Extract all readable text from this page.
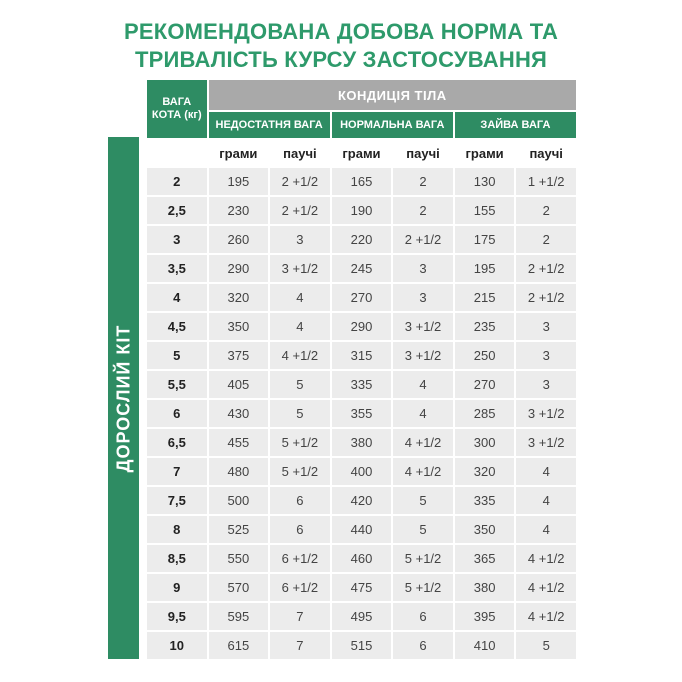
РЕКОМЕНДОВАНА ДОБОВА НОРМА ТА
ТРИВАЛІСТЬ КУРСУ ЗАСТОСУВАННЯ
ДОРОСЛИЙ КІТ
ВАГА КОТА (кг)	КОНДИЦІЯ ТІЛА					
	НЕДОСТАТНЯ ВАГА		НОРМАЛЬНА ВАГА		ЗАЙВА ВАГА	
	грами	паучі	грами	паучі	грами	паучі
2	195	2 +1/2	165	2	130	1 +1/2
2,5	230	2 +1/2	190	2	155	2
3	260	3	220	2 +1/2	175	2
3,5	290	3 +1/2	245	3	195	2 +1/2
4	320	4	270	3	215	2 +1/2
4,5	350	4	290	3 +1/2	235	3
5	375	4 +1/2	315	3 +1/2	250	3
5,5	405	5	335	4	270	3
6	430	5	355	4	285	3 +1/2
6,5	455	5 +1/2	380	4 +1/2	300	3 +1/2
7	480	5 +1/2	400	4 +1/2	320	4
7,5	500	6	420	5	335	4
8	525	6	440	5	350	4
8,5	550	6 +1/2	460	5 +1/2	365	4 +1/2
9	570	6 +1/2	475	5 +1/2	380	4 +1/2
9,5	595	7	495	6	395	4 +1/2
10	615	7	515	6	410	5
